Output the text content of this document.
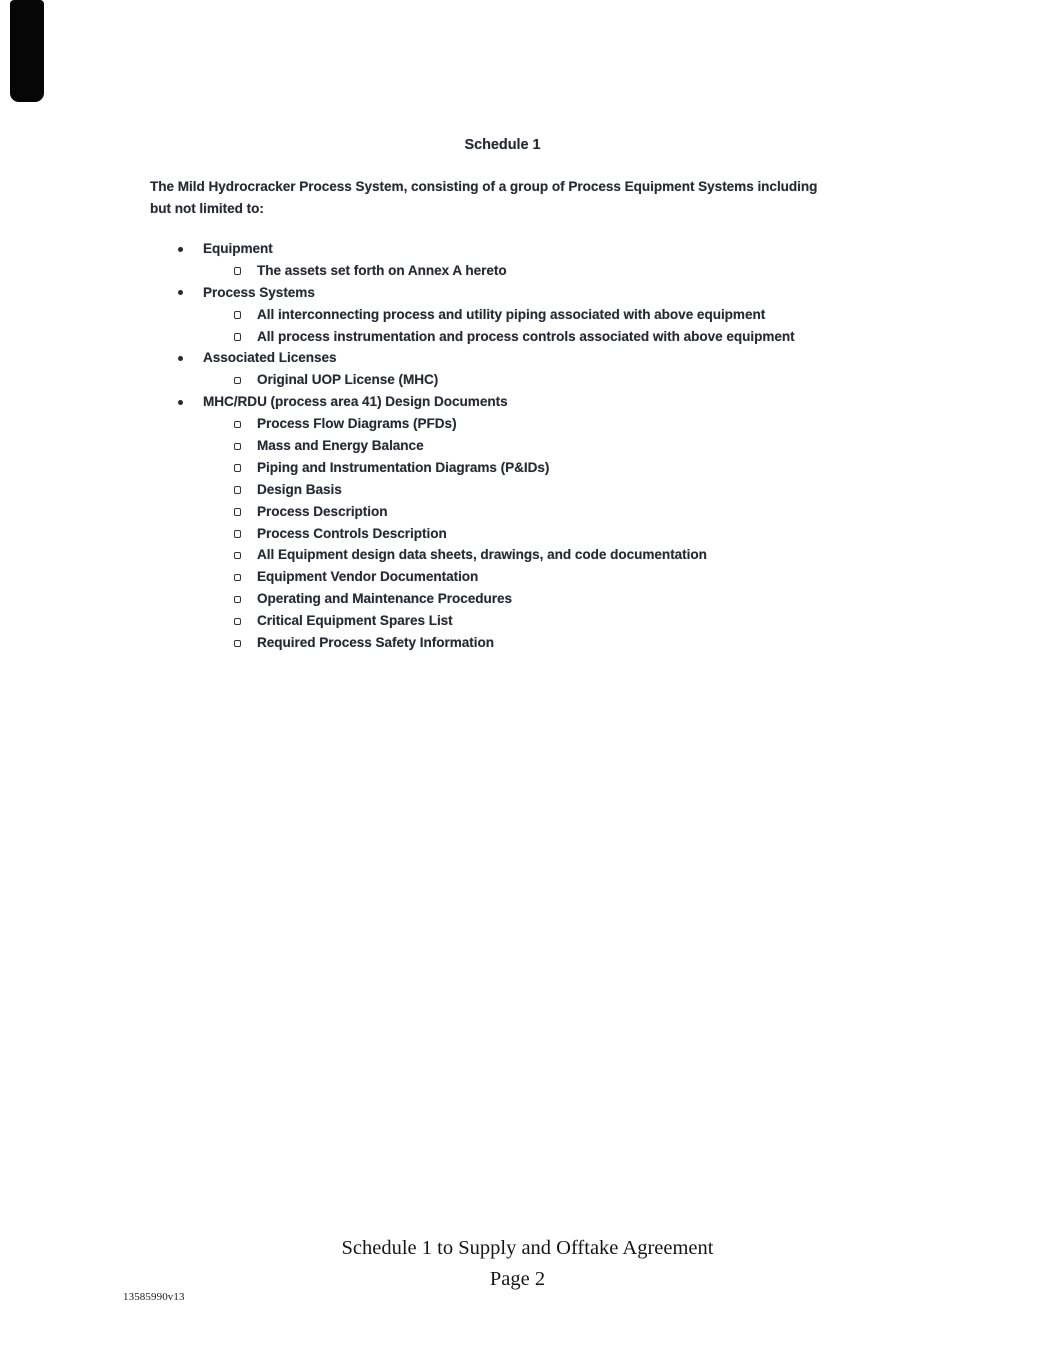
Schedule 1
The Mild Hydrocracker Process System, consisting of a group of Process Equipment Systems including
but not limited to:
Equipment
The assets set forth on Annex A hereto
Process Systems
All interconnecting process and utility piping associated with above equipment
All process instrumentation and process controls associated with above equipment
Associated Licenses
Original UOP License (MHC)
MHC/RDU (process area 41) Design Documents
Process Flow Diagrams (PFDs)
Mass and Energy Balance
Piping and Instrumentation Diagrams (P&IDs)
Design Basis
Process Description
Process Controls Description
All Equipment design data sheets, drawings, and code documentation
Equipment Vendor Documentation
Operating and Maintenance Procedures
Critical Equipment Spares List
Required Process Safety Information
Schedule 1 to Supply and Offtake Agreement
Page 2
13585990v13
